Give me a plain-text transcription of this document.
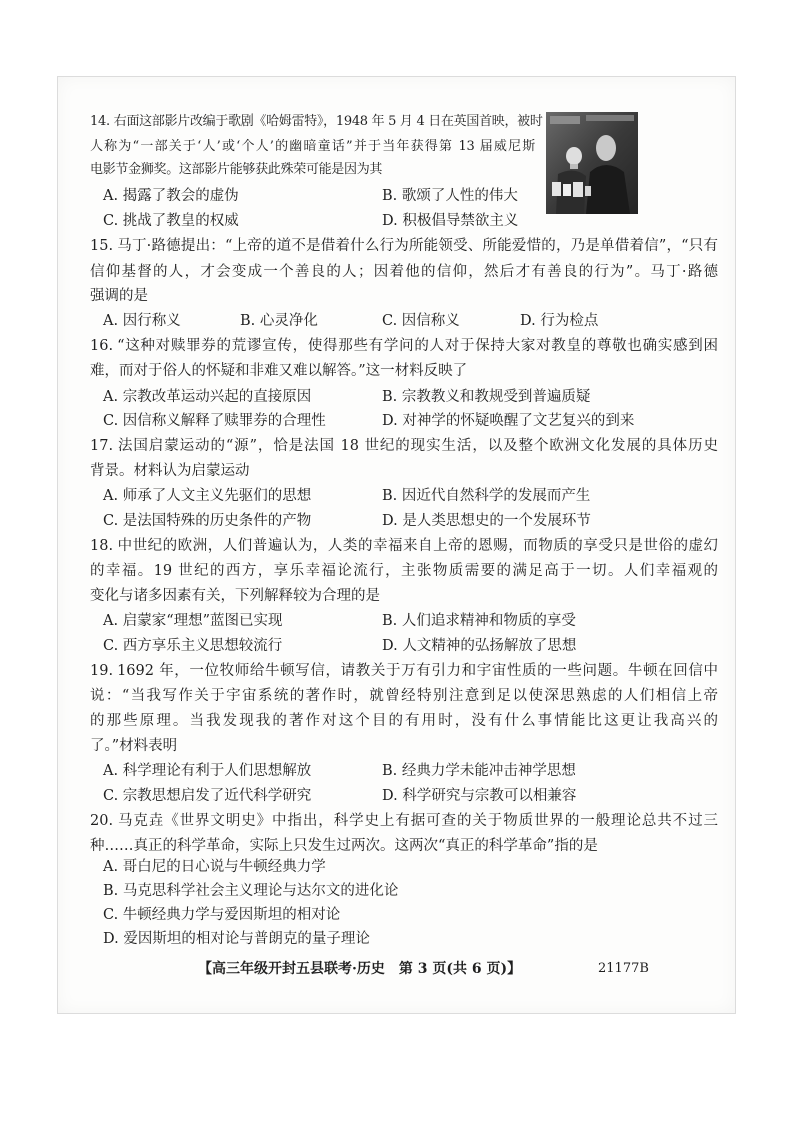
14. 右面这部影片改编于歌剧《哈姆雷特》，1948 年 5 月 4 日在英国首映，被时
人称为“一部关于‘人’或‘个人’的幽暗童话”并于当年获得第 13 届威尼斯
电影节金狮奖。这部影片能够获此殊荣可能是因为其
A. 揭露了教会的虚伪	B. 歌颂了人性的伟大
C. 挑战了教皇的权威	D. 积极倡导禁欲主义
15. 马丁·路德提出：“上帝的道不是借着什么行为所能领受、所能爱惜的，乃是单借着信”，“只有
信仰基督的人，才会变成一个善良的人；因着他的信仰，然后才有善良的行为”。马丁·路德
强调的是
A. 因行称义	B. 心灵净化	C. 因信称义	D. 行为检点
16. “这种对赎罪券的荒谬宣传，使得那些有学问的人对于保持大家对教皇的尊敬也确实感到困
难，而对于俗人的怀疑和非难又难以解答。”这一材料反映了
A. 宗教改革运动兴起的直接原因	B. 宗教教义和教规受到普遍质疑
C. 因信称义解释了赎罪券的合理性	D. 对神学的怀疑唤醒了文艺复兴的到来
17. 法国启蒙运动的“源”，恰是法国 18 世纪的现实生活，以及整个欧洲文化发展的具体历史
背景。材料认为启蒙运动
A. 师承了人文主义先驱们的思想	B. 因近代自然科学的发展而产生
C. 是法国特殊的历史条件的产物	D. 是人类思想史的一个发展环节
18. 中世纪的欧洲，人们普遍认为，人类的幸福来自上帝的恩赐，而物质的享受只是世俗的虚幻
的幸福。19 世纪的西方，享乐幸福论流行，主张物质需要的满足高于一切。人们幸福观的
变化与诸多因素有关，下列解释较为合理的是
A. 启蒙家“理想”蓝图已实现	B. 人们追求精神和物质的享受
C. 西方享乐主义思想较流行	D. 人文精神的弘扬解放了思想
19. 1692 年，一位牧师给牛顿写信，请教关于万有引力和宇宙性质的一些问题。牛顿在回信中
说：“当我写作关于宇宙系统的著作时，就曾经特别注意到足以使深思熟虑的人们相信上帝
的那些原理。当我发现我的著作对这个目的有用时，没有什么事情能比这更让我高兴的
了。”材料表明
A. 科学理论有利于人们思想解放	B. 经典力学未能冲击神学思想
C. 宗教思想启发了近代科学研究	D. 科学研究与宗教可以相兼容
20. 马克垚《世界文明史》中指出，科学史上有据可查的关于物质世界的一般理论总共不过三
种……真正的科学革命，实际上只发生过两次。这两次“真正的科学革命”指的是
A. 哥白尼的日心说与牛顿经典力学
B. 马克思科学社会主义理论与达尔文的进化论
C. 牛顿经典力学与爱因斯坦的相对论
D. 爱因斯坦的相对论与普朗克的量子理论
【高三年级开封五县联考·历史　第 3 页(共 6 页)】	21177B
